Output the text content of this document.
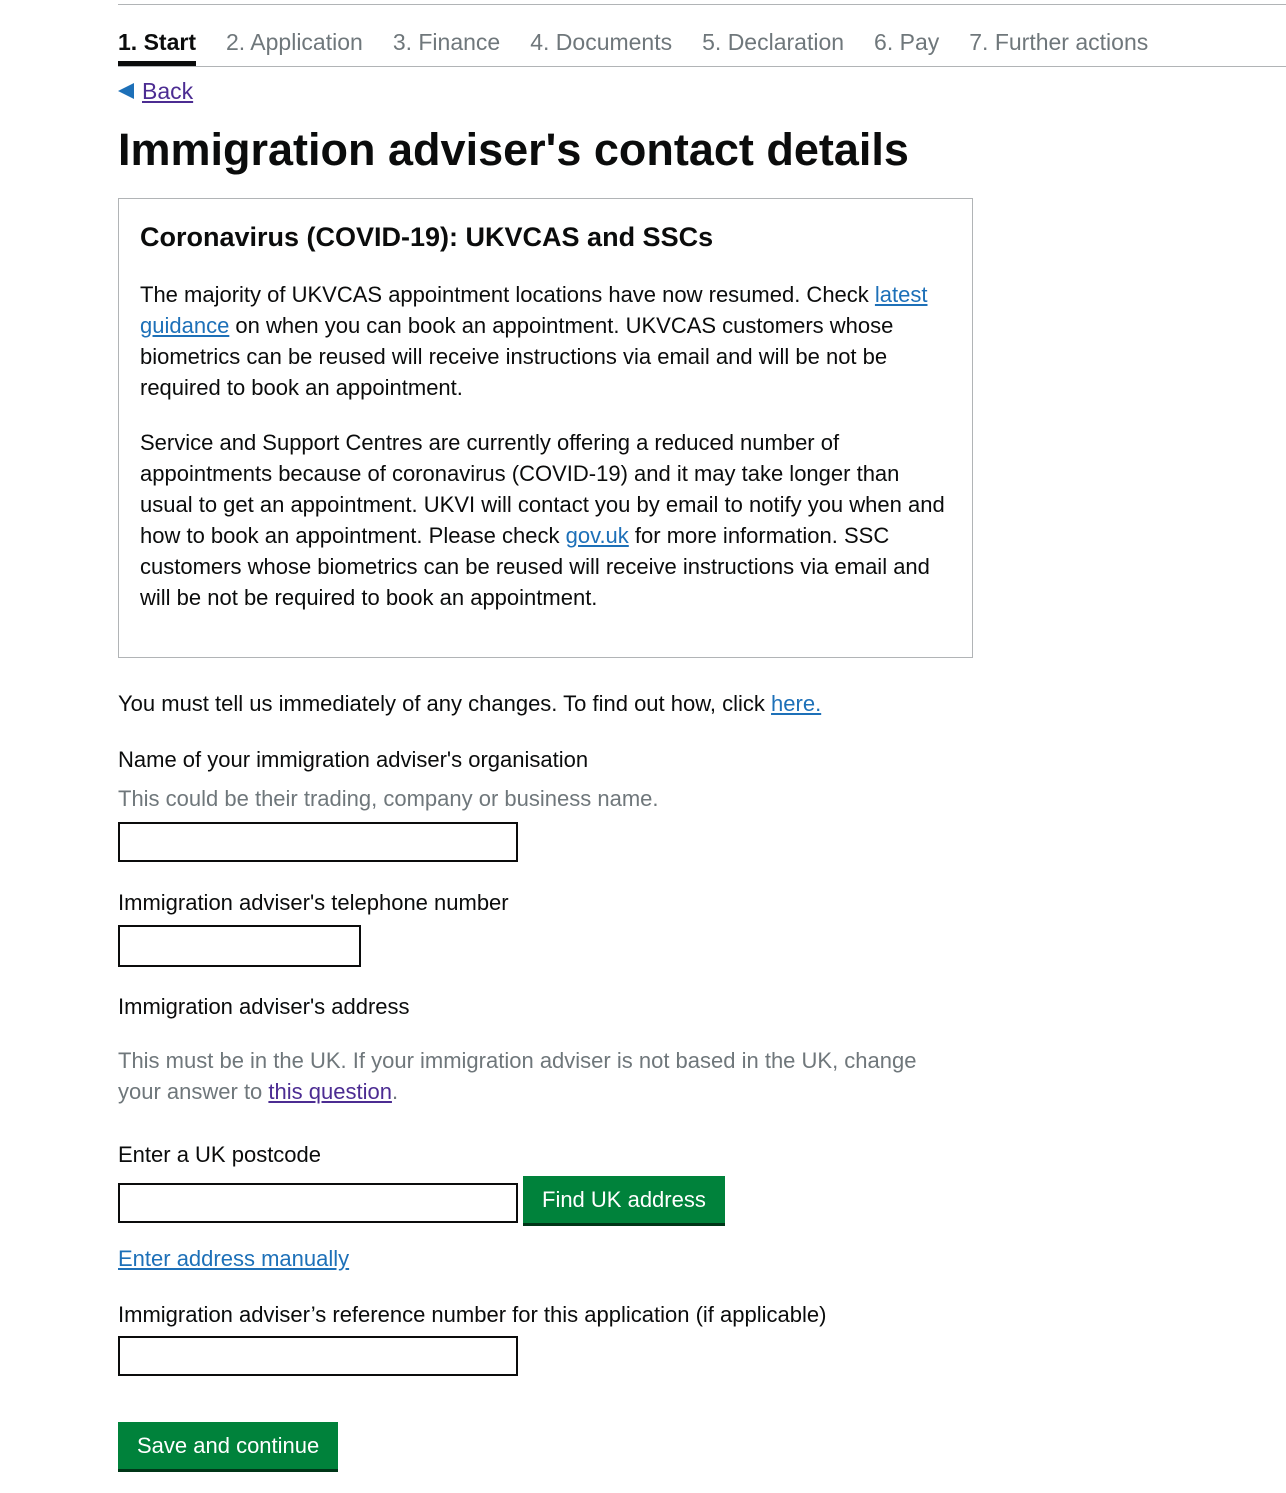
1. Start 2. Application 3. Finance 4. Documents 5. Declaration 6. Pay 7. Further actions
Back
Immigration adviser's contact details
Coronavirus (COVID-19): UKVCAS and SSCs

The majority of UKVCAS appointment locations have now resumed. Check latest guidance on when you can book an appointment. UKVCAS customers whose biometrics can be reused will receive instructions via email and will be not be required to book an appointment.

Service and Support Centres are currently offering a reduced number of appointments because of coronavirus (COVID-19) and it may take longer than usual to get an appointment. UKVI will contact you by email to notify you when and how to book an appointment. Please check gov.uk for more information. SSC customers whose biometrics can be reused will receive instructions via email and will be not be required to book an appointment.

You must tell us immediately of any changes. To find out how, click here.
Name of your immigration adviser's organisation
This could be their trading, company or business name.
Immigration adviser's telephone number
Immigration adviser's address
This must be in the UK. If your immigration adviser is not based in the UK, change
your answer to this question.
Enter a UK postcode
Find UK address
Enter address manually
Immigration adviser’s reference number for this application (if applicable)
Save and continue
